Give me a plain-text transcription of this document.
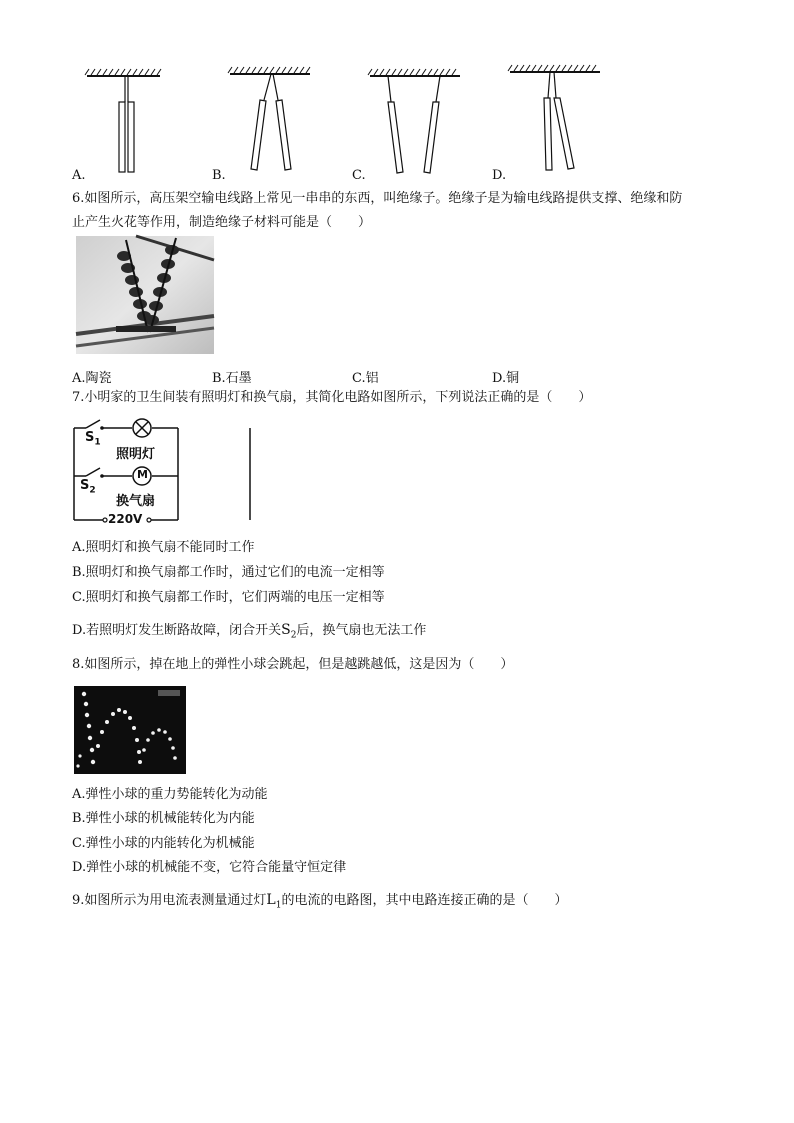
A.	B.	C.	D.
6.如图所示，高压架空输电线路上常见一串串的东西，叫绝缘子。绝缘子是为输电线路提供支撑、绝缘和防
止产生火花等作用，制造绝缘子材料可能是（　　）
A.陶瓷	B.石墨	C.铝	D.铜
7.小明家的卫生间装有照明灯和换气扇，其简化电路如图所示，下列说法正确的是（　　）
$S_1$
$S_2$
照明灯
M
换气扇
220V
A.照明灯和换气扇不能同时工作
B.照明灯和换气扇都工作时，通过它们的电流一定相等
C.照明灯和换气扇都工作时，它们两端的电压一定相等
D.若照明灯发生断路故障，闭合开关$S_2$后，换气扇也无法工作
8.如图所示，掉在地上的弹性小球会跳起，但是越跳越低，这是因为（　　）
A.弹性小球的重力势能转化为动能
B.弹性小球的机械能转化为内能
C.弹性小球的内能转化为机械能
D.弹性小球的机械能不变，它符合能量守恒定律
9.如图所示为用电流表测量通过灯$L_1$的电流的电路图，其中电路连接正确的是（　　）
